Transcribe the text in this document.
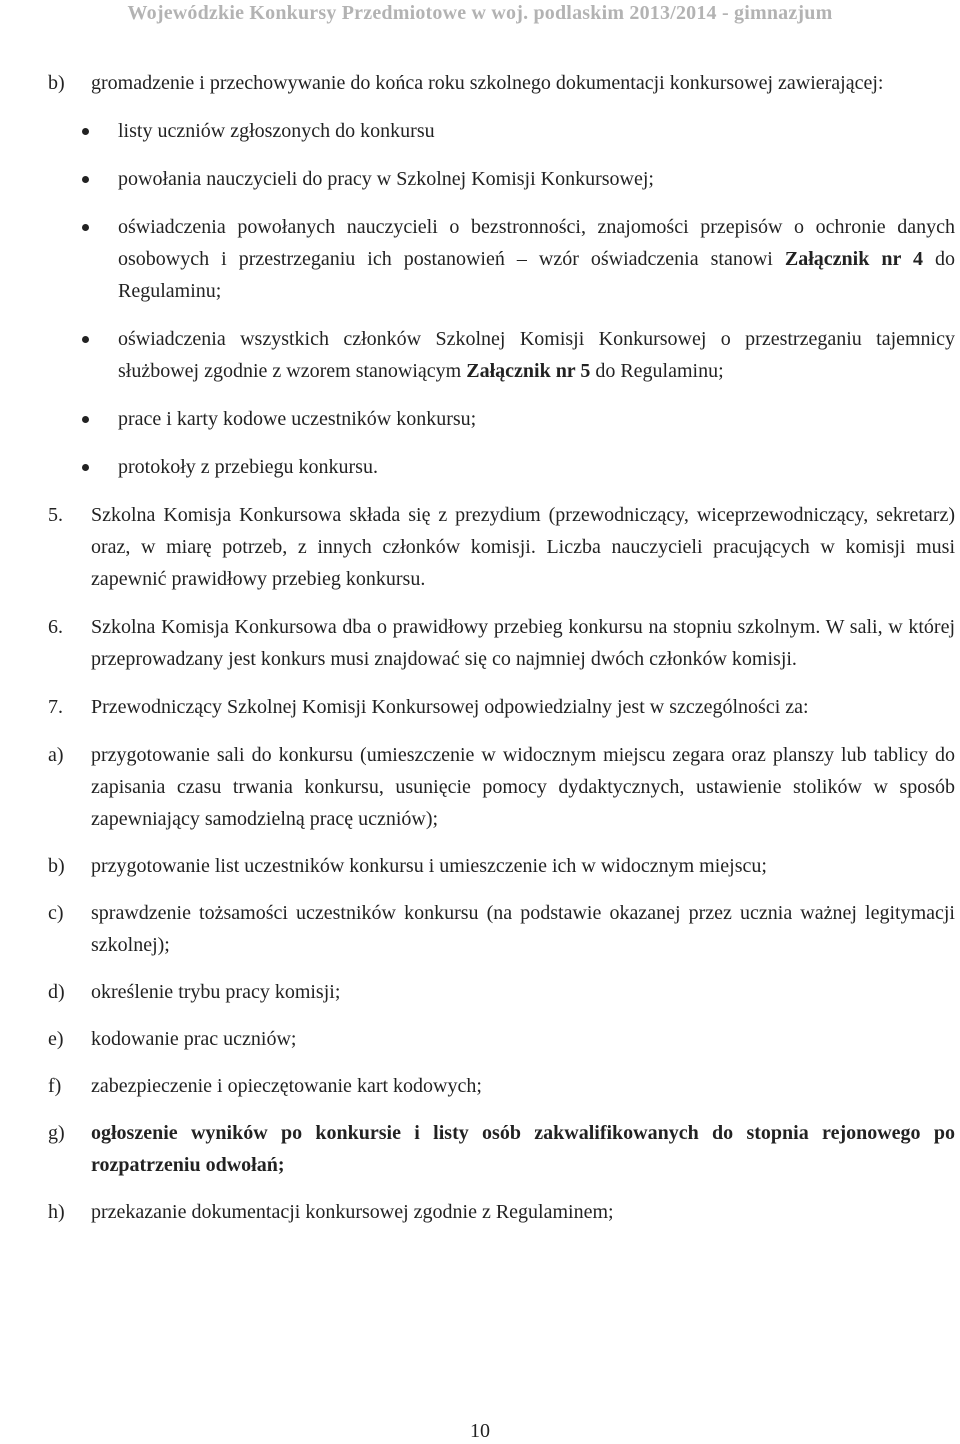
Wojewódzkie Konkursy Przedmiotowe w woj. podlaskim 2013/2014 - gimnazjum
b)	gromadzenie i przechowywanie do końca roku szkolnego dokumentacji konkursowej zawierającej:
listy uczniów zgłoszonych do konkursu
powołania nauczycieli do pracy w Szkolnej Komisji Konkursowej;
oświadczenia powołanych nauczycieli o bezstronności, znajomości przepisów o ochronie danych osobowych i przestrzeganiu ich postanowień – wzór oświadczenia stanowi Załącznik nr 4 do Regulaminu;
oświadczenia wszystkich członków Szkolnej Komisji Konkursowej o przestrzeganiu tajemnicy służbowej zgodnie z wzorem stanowiącym Załącznik nr 5 do Regulaminu;
prace i karty kodowe uczestników konkursu;
protokoły z przebiegu konkursu.
5.	Szkolna Komisja Konkursowa składa się z prezydium (przewodniczący, wiceprzewodniczący, sekretarz) oraz, w miarę potrzeb, z innych członków komisji. Liczba nauczycieli pracujących w komisji musi zapewnić prawidłowy przebieg konkursu.
6.	Szkolna Komisja Konkursowa dba o prawidłowy przebieg konkursu na stopniu szkolnym. W sali, w której przeprowadzany jest konkurs musi znajdować się co najmniej dwóch członków komisji.
7.	Przewodniczący Szkolnej Komisji Konkursowej odpowiedzialny jest w szczególności za:
a)	przygotowanie sali do konkursu (umieszczenie w widocznym miejscu zegara oraz planszy lub tablicy do zapisania czasu trwania konkursu, usunięcie pomocy dydaktycznych, ustawienie stolików w sposób zapewniający samodzielną pracę uczniów);
b)	przygotowanie list uczestników konkursu i umieszczenie ich w widocznym miejscu;
c)	sprawdzenie tożsamości uczestników konkursu (na podstawie okazanej przez ucznia ważnej legitymacji szkolnej);
d)	określenie trybu pracy komisji;
e)	kodowanie prac uczniów;
f)	zabezpieczenie i opieczętowanie kart kodowych;
g)	ogłoszenie wyników po konkursie i listy osób zakwalifikowanych do stopnia rejonowego po rozpatrzeniu odwołań;
h)	przekazanie dokumentacji konkursowej zgodnie z Regulaminem;
10
